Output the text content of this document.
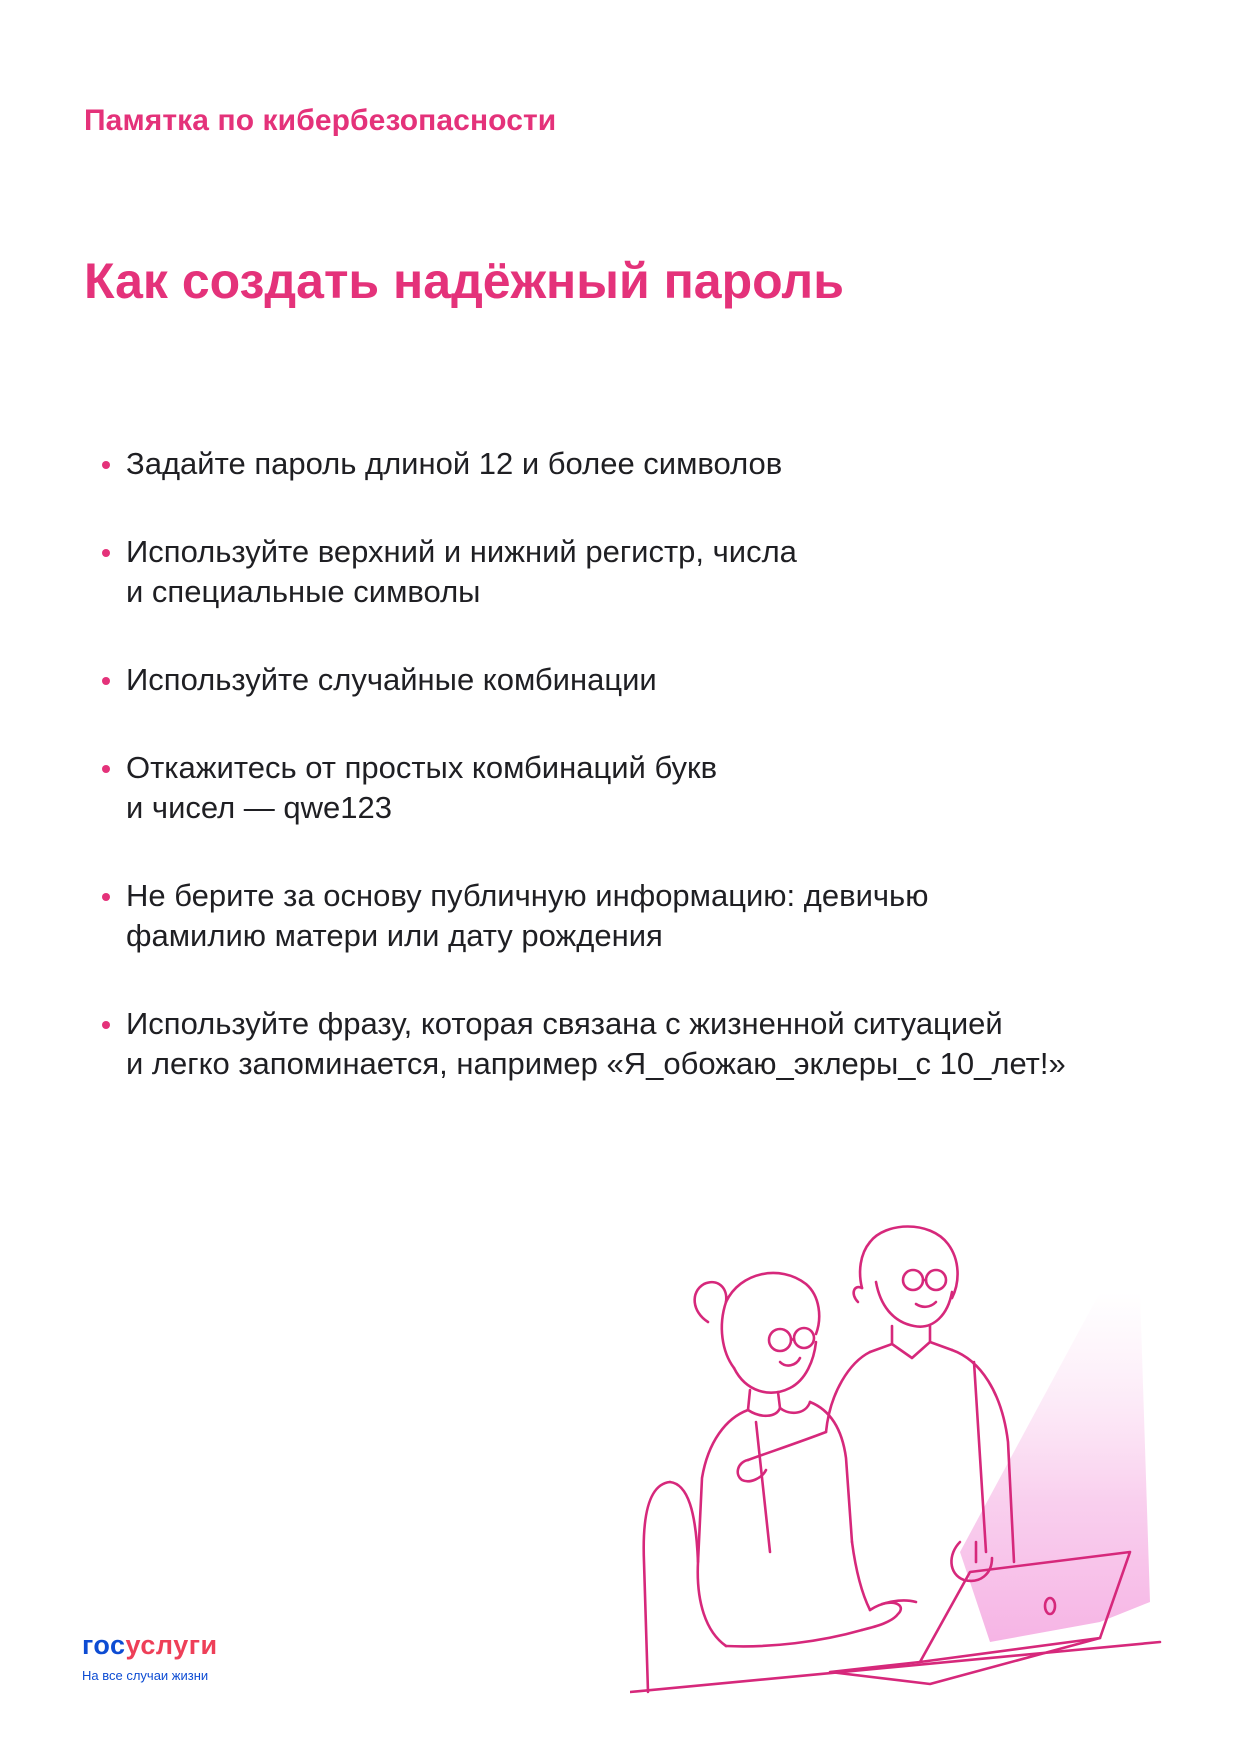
Памятка по кибербезопасности
Как создать надёжный пароль
Задайте пароль длиной 12 и более символов
Используйте верхний и нижний регистр, числа
и специальные символы
Используйте случайные комбинации
Откажитесь от простых комбинаций букв
и чисел — qwe123
Не берите за основу публичную информацию: девичью
фамилию матери или дату рождения
Используйте фразу, которая связана с жизненной ситуацией
и легко запоминается, например «Я_обожаю_эклеры_с 10_лет!»
госуслуги
На все случаи жизни
